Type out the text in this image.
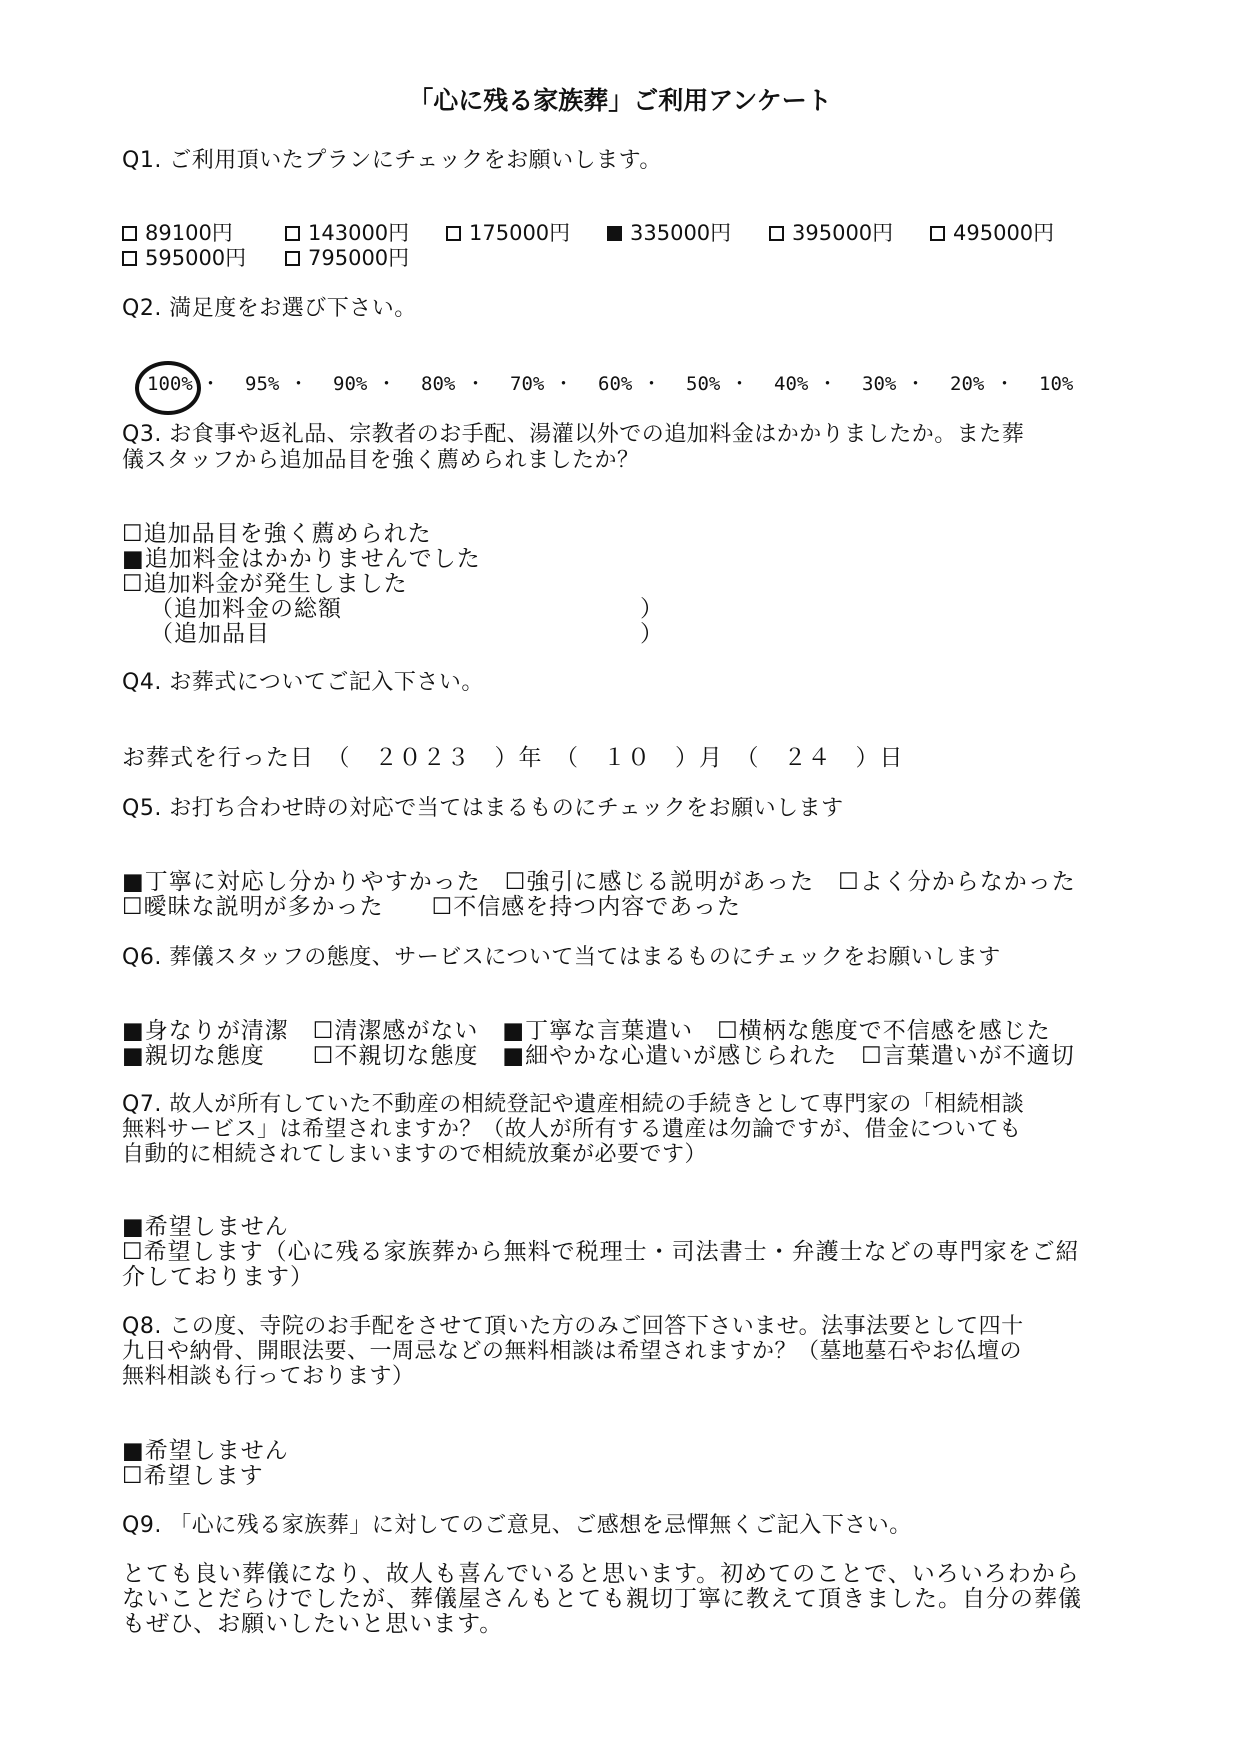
「心に残る家族葬」ご利用アンケート
Q1. ご利用頂いたプランにチェックをお願いします。
89100円	143000円	175000円	335000円	395000円	495000円
595000円	795000円
Q2. 満足度をお選び下さい。
100% ・ 95% ・ 90% ・ 80% ・ 70% ・ 60% ・ 50% ・ 40% ・ 30% ・ 20% ・ 10%
Q3. お食事や返礼品、宗教者のお手配、湯灌以外での追加料金はかかりましたか。また葬
儀スタッフから追加品目を強く薦められましたか？
☐追加品目を強く薦められた
■追加料金はかかりませんでした
☐追加料金が発生しました
（追加料金の総額	）
（追加品目	）
Q4. お葬式についてご記入下さい。
お葬式を行った日　（　２０２３　）年　（　１０　）月　（　２４　）日
Q5. お打ち合わせ時の対応で当てはまるものにチェックをお願いします
■丁寧に対応し分かりやすかった　☐強引に感じる説明があった　☐よく分からなかった
☐曖昧な説明が多かった　　☐不信感を持つ内容であった
Q6. 葬儀スタッフの態度、サービスについて当てはまるものにチェックをお願いします
■身なりが清潔　☐清潔感がない　■丁寧な言葉遣い　☐横柄な態度で不信感を感じた
■親切な態度　　☐不親切な態度　■細やかな心遣いが感じられた　☐言葉遣いが不適切
Q7. 故人が所有していた不動産の相続登記や遺産相続の手続きとして専門家の「相続相談
無料サービス」は希望されますか？（故人が所有する遺産は勿論ですが、借金についても
自動的に相続されてしまいますので相続放棄が必要です）
■希望しません
☐希望します（心に残る家族葬から無料で税理士・司法書士・弁護士などの専門家をご紹
介しております）
Q8. この度、寺院のお手配をさせて頂いた方のみご回答下さいませ。法事法要として四十
九日や納骨、開眼法要、一周忌などの無料相談は希望されますか？（墓地墓石やお仏壇の
無料相談も行っております）
■希望しません
☐希望します
Q9. 「心に残る家族葬」に対してのご意見、ご感想を忌憚無くご記入下さい。
とても良い葬儀になり、故人も喜んでいると思います。初めてのことで、いろいろわから
ないことだらけでしたが、葬儀屋さんもとても親切丁寧に教えて頂きました。自分の葬儀
もぜひ、お願いしたいと思います。
